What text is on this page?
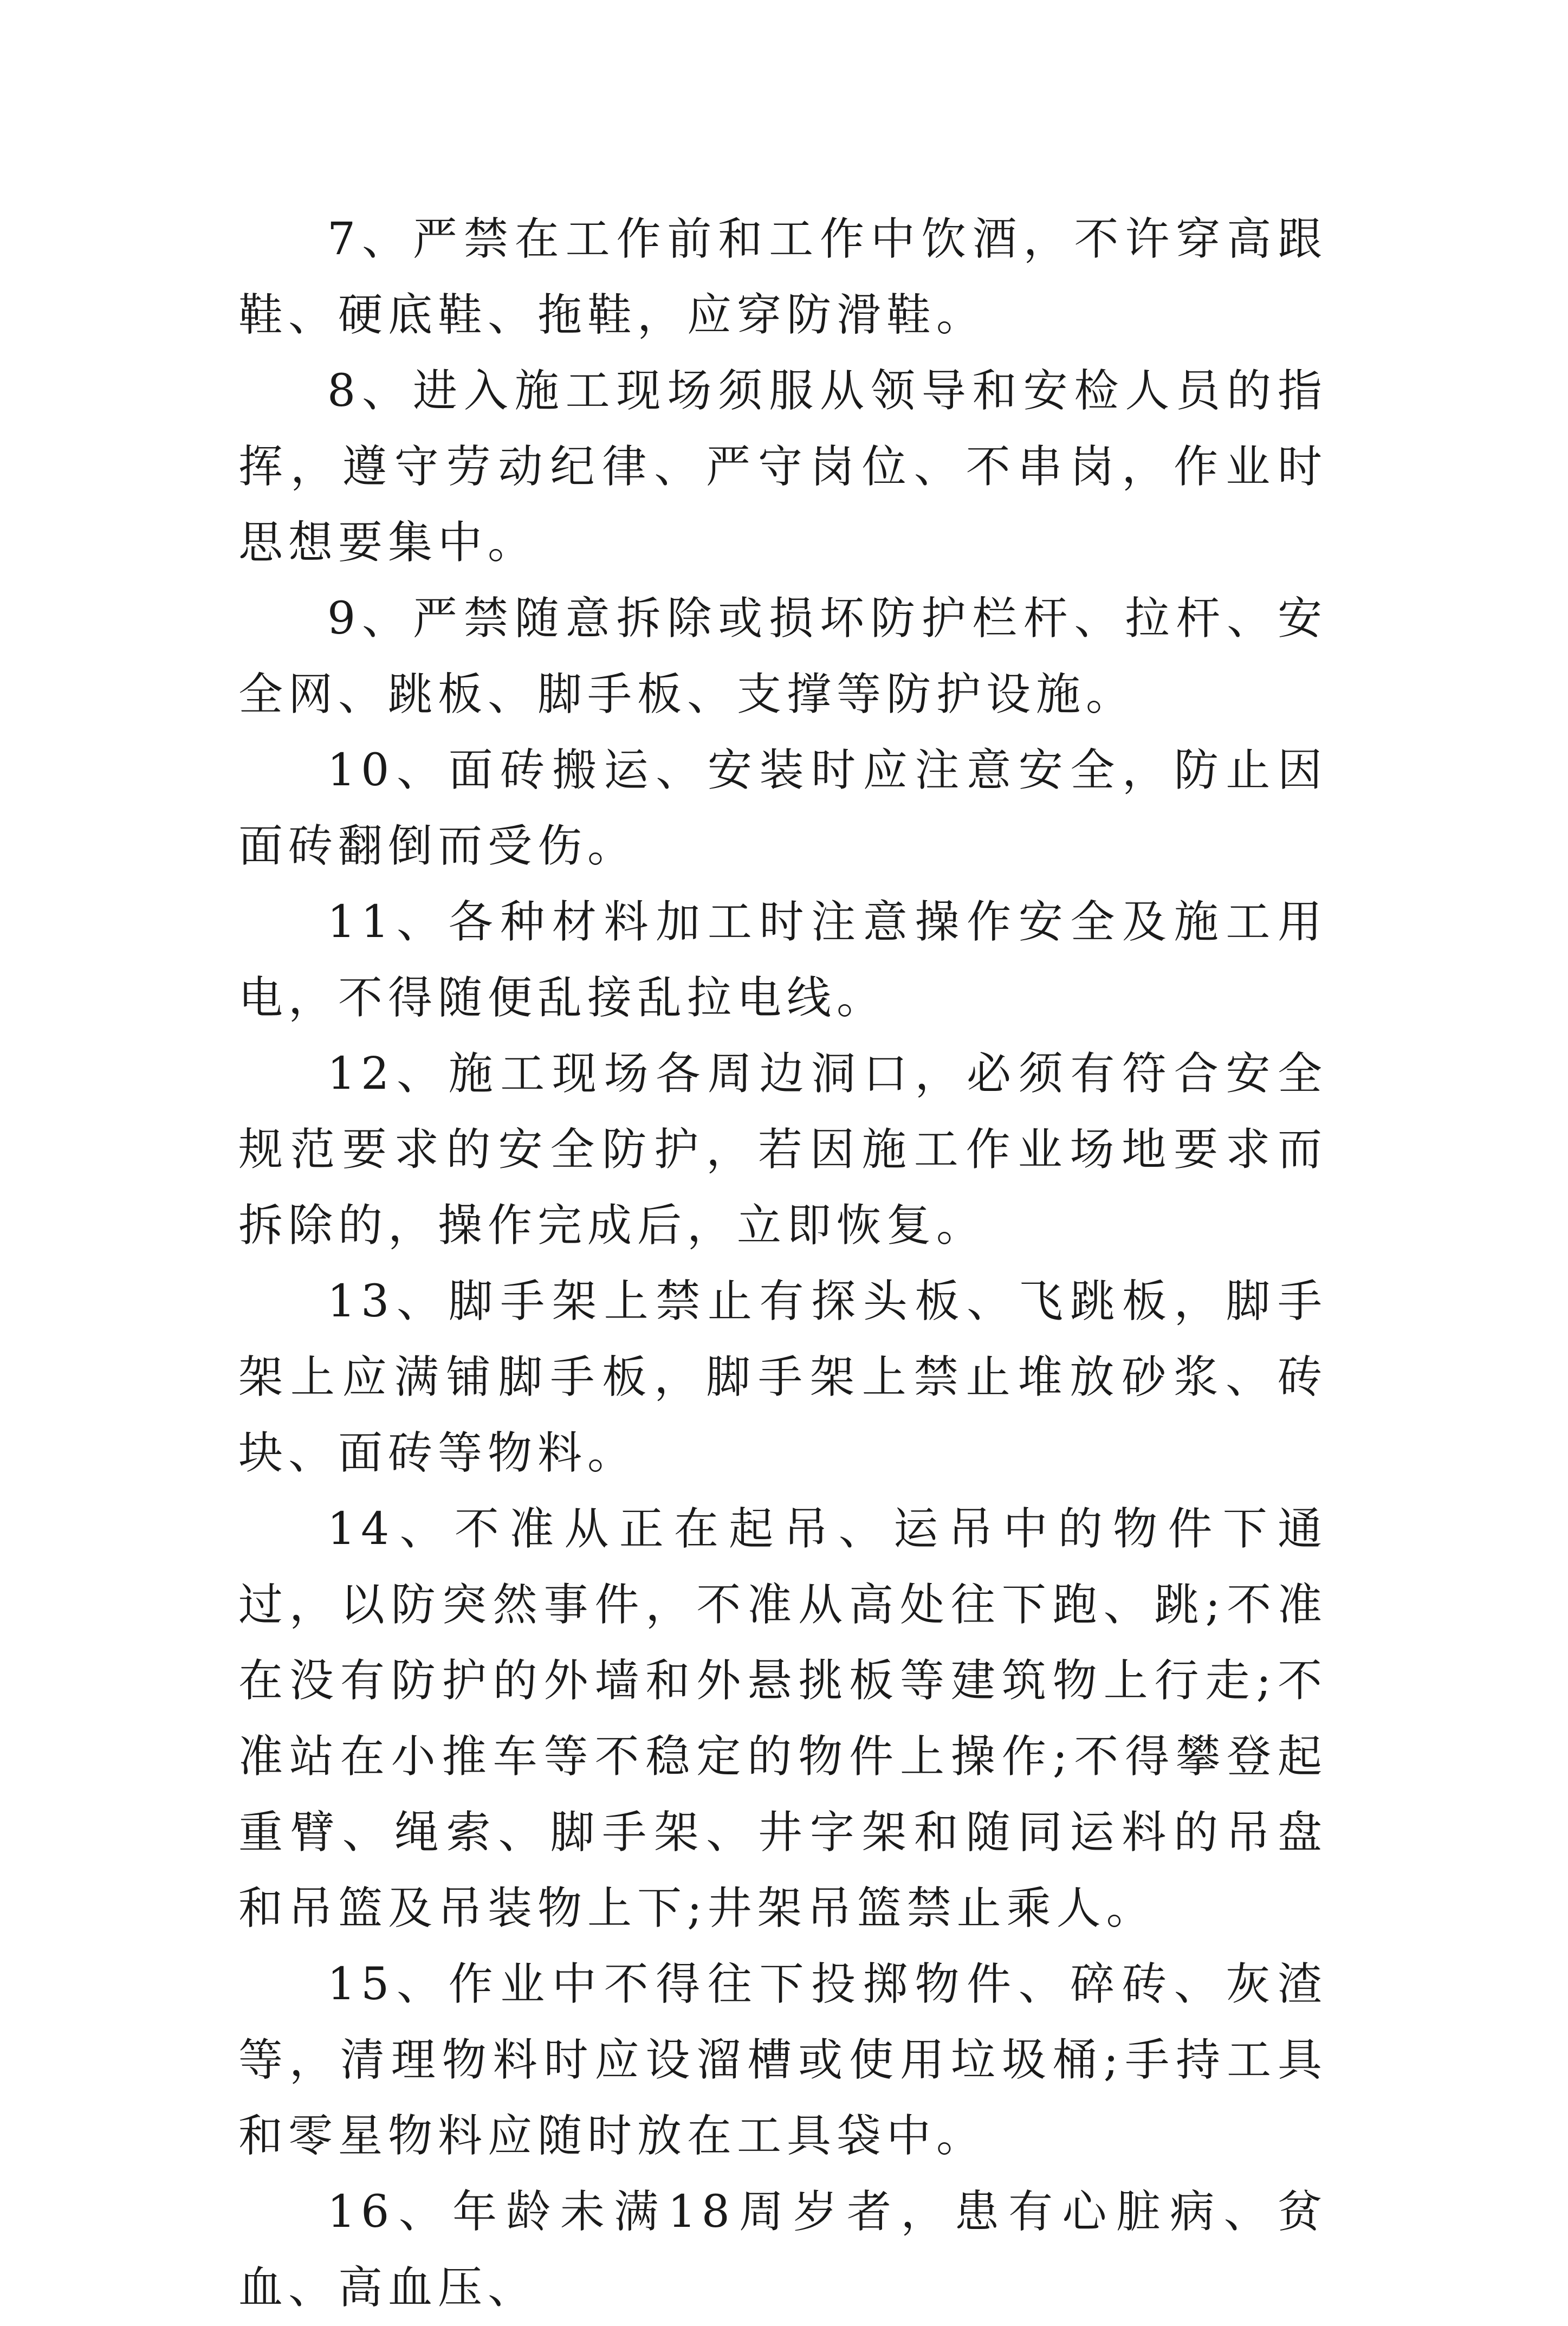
7、严禁在工作前和工作中饮酒，不许穿高跟鞋、硬底鞋、拖鞋，应穿防滑鞋。

8、进入施工现场须服从领导和安检人员的指挥，遵守劳动纪律、严守岗位、不串岗，作业时思想要集中。

9、严禁随意拆除或损坏防护栏杆、拉杆、安全网、跳板、脚手板、支撑等防护设施。

10、面砖搬运、安装时应注意安全，防止因面砖翻倒而受伤。

11、各种材料加工时注意操作安全及施工用电，不得随便乱接乱拉电线。

12、施工现场各周边洞口，必须有符合安全规范要求的安全防护，若因施工作业场地要求而拆除的，操作完成后，立即恢复。

13、脚手架上禁止有探头板、飞跳板，脚手架上应满铺脚手板，脚手架上禁止堆放砂浆、砖块、面砖等物料。

14、不准从正在起吊、运吊中的物件下通过，以防突然事件，不准从高处往下跑、跳;不准在没有防护的外墙和外悬挑板等建筑物上行走;不准站在小推车等不稳定的物件上操作;不得攀登起重臂、绳索、脚手架、井字架和随同运料的吊盘和吊篮及吊装物上下;井架吊篮禁止乘人。

15、作业中不得往下投掷物件、碎砖、灰渣等，清理物料时应设溜槽或使用垃圾桶;手持工具和零星物料应随时放在工具袋中。

16、年龄未满18周岁者，患有心脏病、贫血、高血压、
